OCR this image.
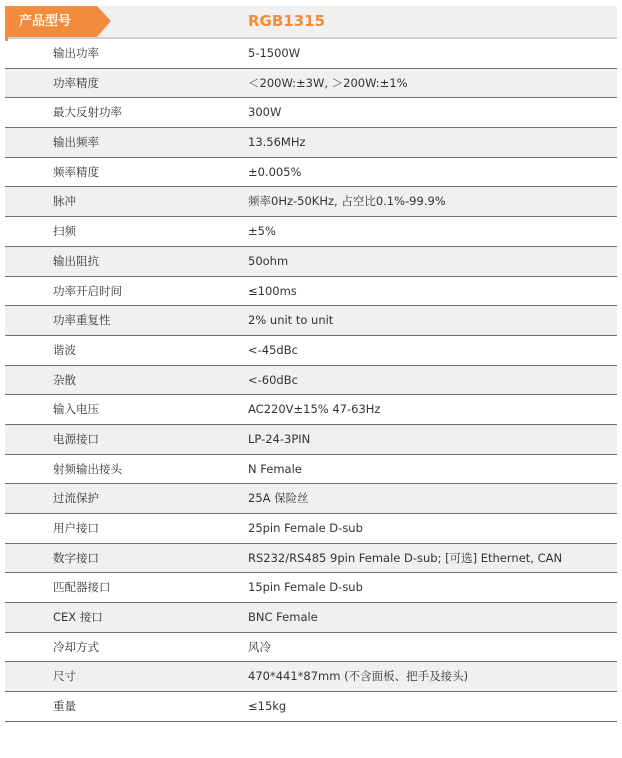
产品型号	RGB1315
输出功率	5-1500W
功率精度	＜200W:±3W, ＞200W:±1%
最大反射功率	300W
输出频率	13.56MHz
频率精度	±0.005%
脉冲	频率0Hz-50KHz, 占空比0.1%-99.9%
扫频	±5%
输出阻抗	50ohm
功率开启时间	≤100ms
功率重复性	2% unit to unit
谐波	<-45dBc
杂散	<-60dBc
输入电压	AC220V±15% 47-63Hz
电源接口	LP-24-3PIN
射频输出接头	N Female
过流保护	25A 保险丝
用户接口	25pin Female D-sub
数字接口	RS232/RS485 9pin Female D-sub; [可选] Ethernet, CAN
匹配器接口	15pin Female D-sub
CEX 接口	BNC Female
冷却方式	风冷
尺寸	470*441*87mm (不含面板、把手及接头)
重量	≤15kg
